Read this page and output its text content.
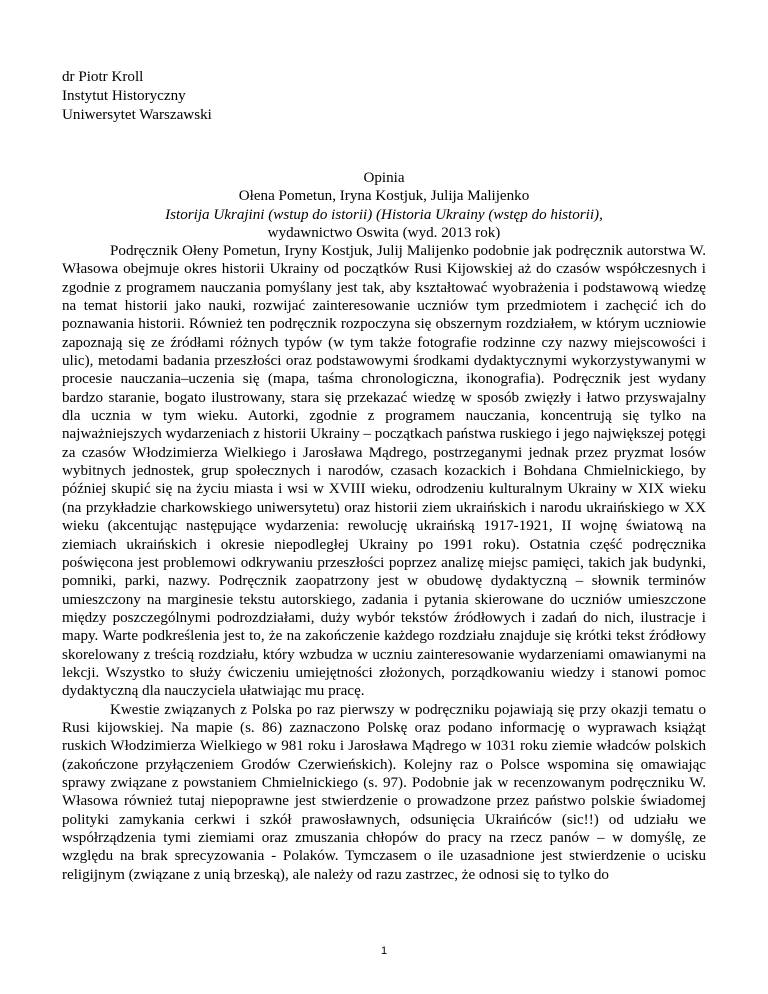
dr Piotr Kroll
Instytut Historyczny
Uniwersytet Warszawski
Opinia
Ołena Pometun, Iryna Kostjuk, Julija Malijenko
Istorija Ukrajini (wstup do istorii) (Historia Ukrainy (wstęp do historii),
wydawnictwo Oswita (wyd. 2013 rok)

Podręcznik Ołeny Pometun, Iryny Kostjuk, Julij Malijenko podobnie jak podręcznik autorstwa W. Własowa obejmuje okres historii Ukrainy od początków Rusi Kijowskiej aż do czasów współczesnych i zgodnie z programem nauczania pomyślany jest tak, aby kształtować wyobrażenia i podstawową wiedzę na temat historii jako nauki, rozwijać zainteresowanie uczniów tym przedmiotem i zachęcić ich do poznawania historii. Również ten podręcznik rozpoczyna się obszernym rozdziałem, w którym uczniowie zapoznają się ze źródłami różnych typów (w tym także fotografie rodzinne czy nazwy miejscowości i ulic), metodami badania przeszłości oraz podstawowymi środkami dydaktycznymi wykorzystywanymi w procesie nauczania–uczenia się (mapa, taśma chronologiczna, ikonografia). Podręcznik jest wydany bardzo staranie, bogato ilustrowany, stara się przekazać wiedzę w sposób zwięzły i łatwo przyswajalny dla ucznia w tym wieku. Autorki, zgodnie z programem nauczania, koncentrują się tylko na najważniejszych wydarzeniach z historii Ukrainy – początkach państwa ruskiego i jego największej potęgi za czasów Włodzimierza Wielkiego i Jarosława Mądrego, postrzeganymi jednak przez pryzmat losów wybitnych jednostek, grup społecznych i narodów, czasach kozackich i Bohdana Chmielnickiego, by później skupić się na życiu miasta i wsi w XVIII wieku, odrodzeniu kulturalnym Ukrainy w XIX wieku (na przykładzie charkowskiego uniwersytetu) oraz historii ziem ukraińskich i narodu ukraińskiego w XX wieku (akcentując następujące wydarzenia: rewolucję ukraińską 1917-1921, II wojnę światową na ziemiach ukraińskich i okresie niepodległej Ukrainy po 1991 roku). Ostatnia część podręcznika poświęcona jest problemowi odkrywaniu przeszłości poprzez analizę miejsc pamięci, takich jak budynki, pomniki, parki, nazwy. Podręcznik zaopatrzony jest w obudowę dydaktyczną – słownik terminów umieszczony na marginesie tekstu autorskiego, zadania i pytania skierowane do uczniów umieszczone między poszczególnymi podrozdziałami, duży wybór tekstów źródłowych i zadań do nich, ilustracje i mapy. Warte podkreślenia jest to, że na zakończenie każdego rozdziału znajduje się krótki tekst źródłowy skorelowany z treścią rozdziału, który wzbudza w uczniu zainteresowanie wydarzeniami omawianymi na lekcji. Wszystko to służy ćwiczeniu umiejętności złożonych, porządkowaniu wiedzy i stanowi pomoc dydaktyczną dla nauczyciela ułatwiając mu pracę.

Kwestie związanych z Polska po raz pierwszy w podręczniku pojawiają się przy okazji tematu o Rusi kijowskiej. Na mapie (s. 86) zaznaczono Polskę oraz podano informację o wyprawach książąt ruskich Włodzimierza Wielkiego w 981 roku i Jarosława Mądrego w 1031 roku ziemie władców polskich (zakończone przyłączeniem Grodów Czerwieńskich). Kolejny raz o Polsce wspomina się omawiając sprawy związane z powstaniem Chmielnickiego (s. 97). Podobnie jak w recenzowanym podręczniku W. Własowa również tutaj niepoprawne jest stwierdzenie o prowadzone przez państwo polskie świadomej polityki zamykania cerkwi i szkół prawosławnych, odsunięcia Ukraińców (sic!!) od udziału we współrządzenia tymi ziemiami oraz zmuszania chłopów do pracy na rzecz panów – w domyślę, ze względu na brak sprecyzowania - Polaków. Tymczasem o ile uzasadnione jest stwierdzenie o ucisku religijnym (związane z unią brzeską), ale należy od razu zastrzec, że odnosi się to tylko do

1
